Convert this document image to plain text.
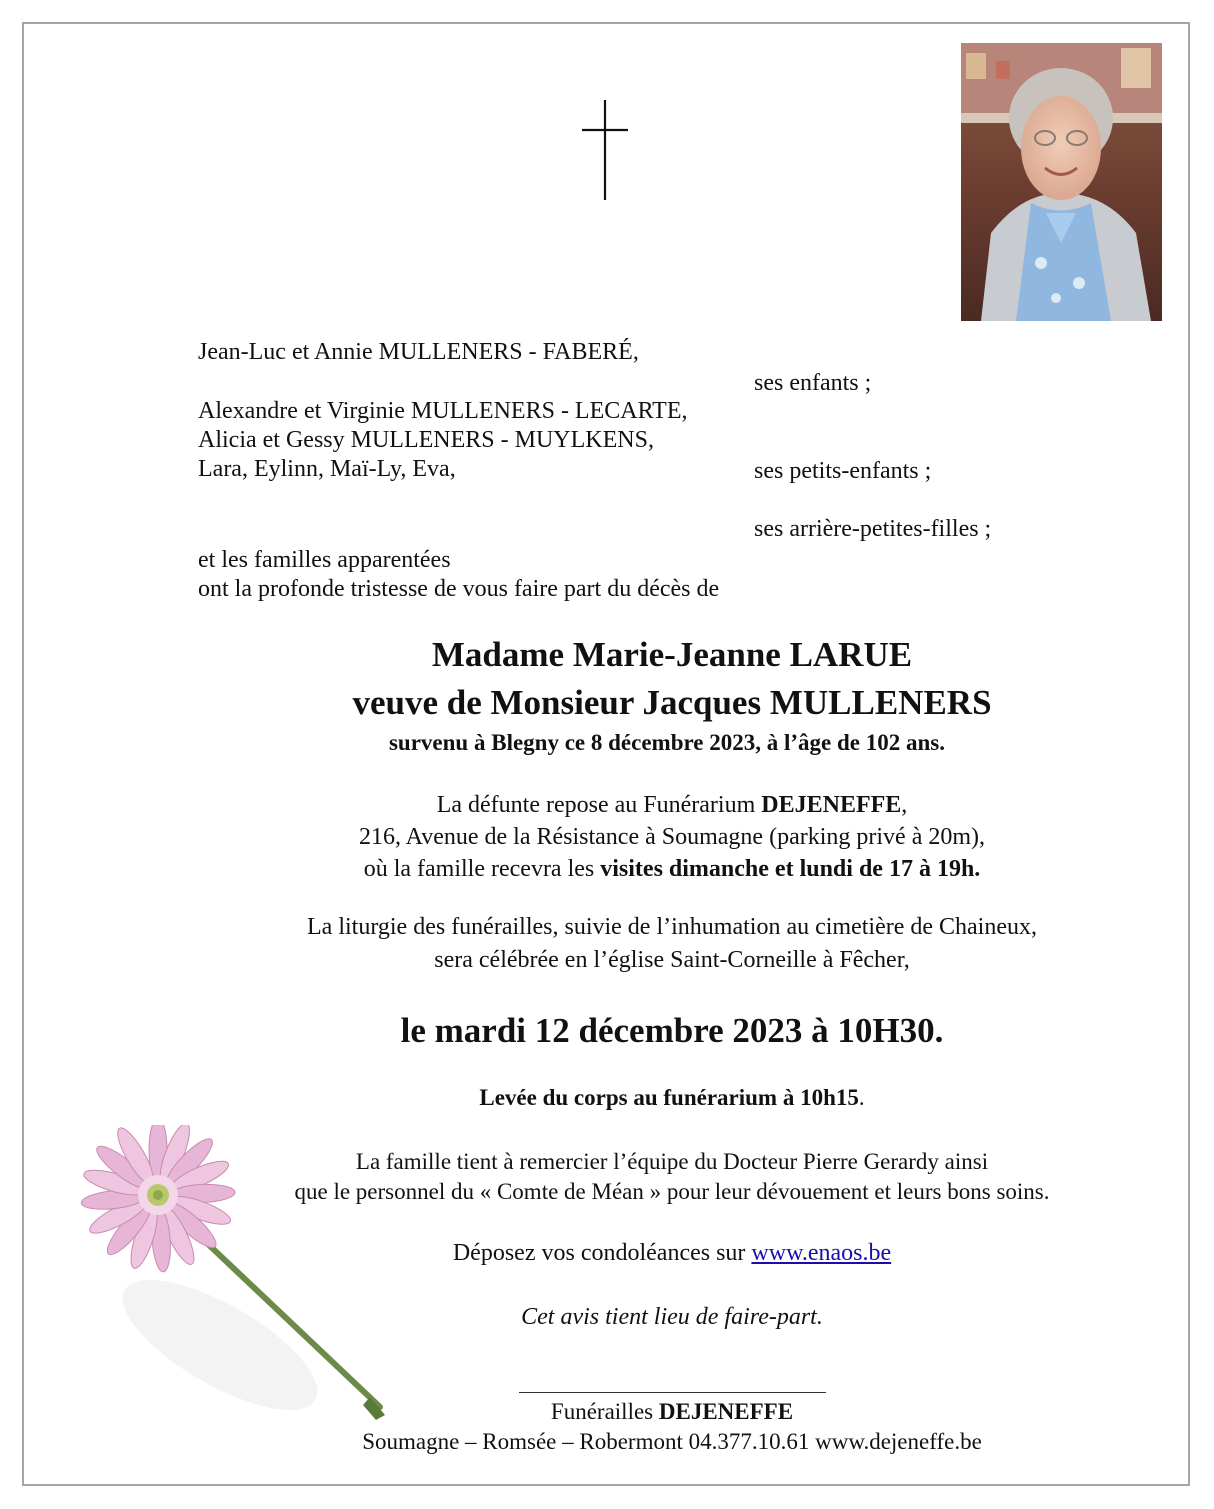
Jean-Luc et Annie MULLENERS - FABERÉ,
ses enfants ;
Alexandre et Virginie MULLENERS - LECARTE,
Alicia et Gessy MULLENERS - MUYLKENS,
Lara, Eylinn, Maï-Ly, Eva,	ses petits-enfants ;
ses arrière-petites-filles ;
et les familles apparentées
ont la profonde tristesse de vous faire part du décès de
Madame Marie-Jeanne LARUE
veuve de Monsieur Jacques MULLENERS
survenu à Blegny ce 8 décembre 2023, à l’âge de 102 ans.
La défunte repose au Funérarium DEJENEFFE,
216, Avenue de la Résistance à Soumagne (parking privé à 20m),
où la famille recevra les visites dimanche et lundi de 17 à 19h.
La liturgie des funérailles, suivie de l’inhumation au cimetière de Chaineux,
sera célébrée en l’église Saint-Corneille à Fêcher,
le mardi 12 décembre 2023 à 10H30.
Levée du corps au funérarium à 10h15.
La famille tient à remercier l’équipe du Docteur Pierre Gerardy ainsi
que le personnel du « Comte de Méan » pour leur dévouement et leurs bons soins.
Déposez vos condoléances sur www.enaos.be
Cet avis tient lieu de faire-part.
Funérailles DEJENEFFE
Soumagne – Romsée – Robermont 04.377.10.61 www.dejeneffe.be
